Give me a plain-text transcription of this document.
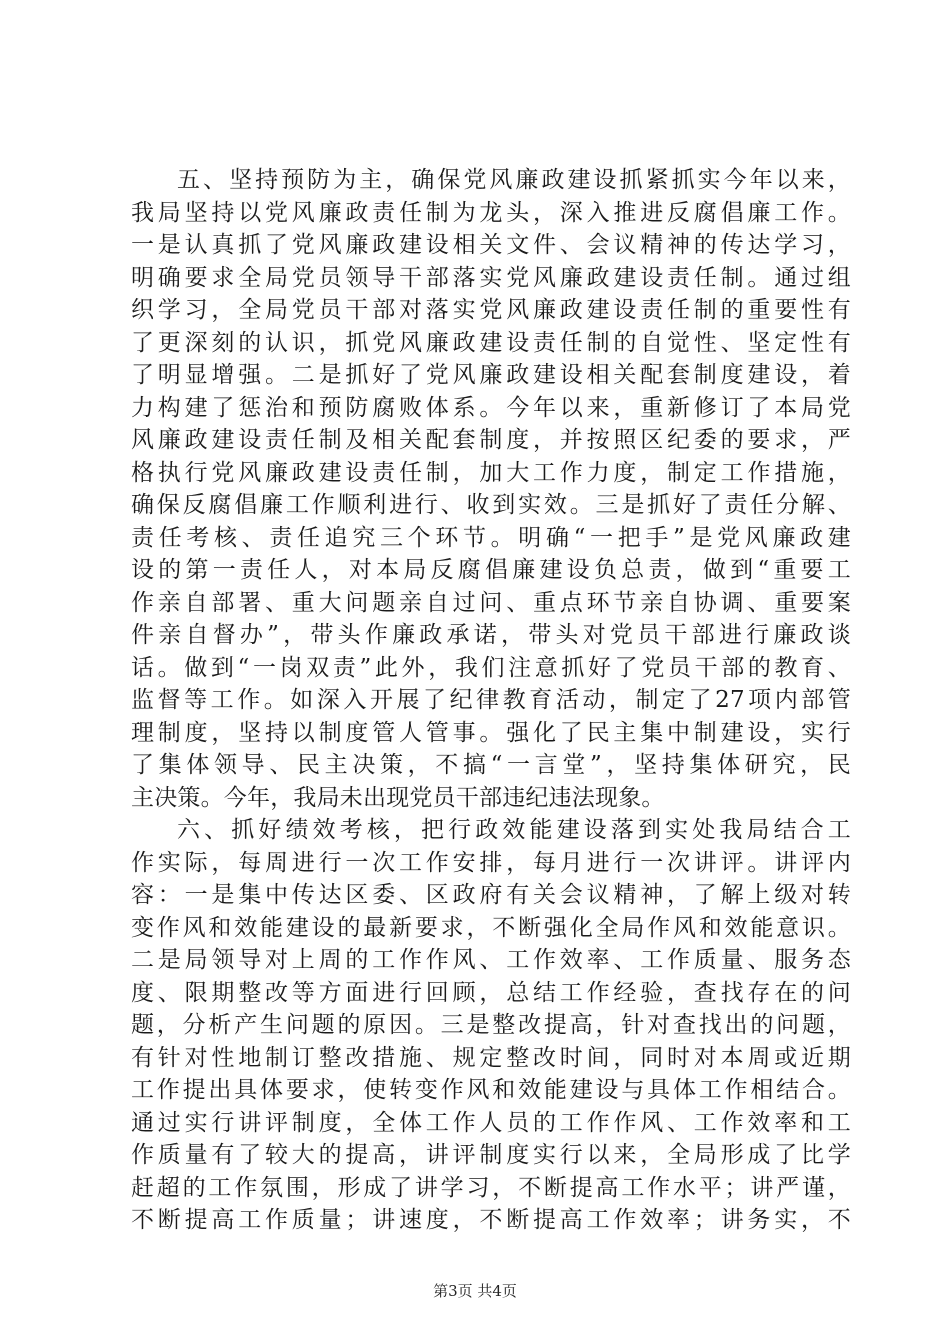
五、坚持预防为主，确保党风廉政建设抓紧抓实今年以来，
我局坚持以党风廉政责任制为龙头，深入推进反腐倡廉工作。
一是认真抓了党风廉政建设相关文件、会议精神的传达学习，
明确要求全局党员领导干部落实党风廉政建设责任制。通过组
织学习，全局党员干部对落实党风廉政建设责任制的重要性有
了更深刻的认识，抓党风廉政建设责任制的自觉性、坚定性有
了明显增强。二是抓好了党风廉政建设相关配套制度建设，着
力构建了惩治和预防腐败体系。今年以来，重新修订了本局党
风廉政建设责任制及相关配套制度，并按照区纪委的要求，严
格执行党风廉政建设责任制，加大工作力度，制定工作措施，
确保反腐倡廉工作顺利进行、收到实效。三是抓好了责任分解、
责任考核、责任追究三个环节。明确“一把手”是党风廉政建
设的第一责任人，对本局反腐倡廉建设负总责，做到“重要工
作亲自部署、重大问题亲自过问、重点环节亲自协调、重要案
件亲自督办”，带头作廉政承诺，带头对党员干部进行廉政谈
话。做到“一岗双责”此外，我们注意抓好了党员干部的教育、
监督等工作。如深入开展了纪律教育活动，制定了27项内部管
理制度，坚持以制度管人管事。强化了民主集中制建设，实行
了集体领导、民主决策，不搞“一言堂”，坚持集体研究，民
主决策。今年，我局未出现党员干部违纪违法现象。
六、抓好绩效考核，把行政效能建设落到实处我局结合工
作实际，每周进行一次工作安排，每月进行一次讲评。讲评内
容：一是集中传达区委、区政府有关会议精神，了解上级对转
变作风和效能建设的最新要求，不断强化全局作风和效能意识。
二是局领导对上周的工作作风、工作效率、工作质量、服务态
度、限期整改等方面进行回顾，总结工作经验，查找存在的问
题，分析产生问题的原因。三是整改提高，针对查找出的问题，
有针对性地制订整改措施、规定整改时间，同时对本周或近期
工作提出具体要求，使转变作风和效能建设与具体工作相结合。
通过实行讲评制度，全体工作人员的工作作风、工作效率和工
作质量有了较大的提高，讲评制度实行以来，全局形成了比学
赶超的工作氛围，形成了讲学习，不断提高工作水平；讲严谨，
不断提高工作质量；讲速度，不断提高工作效率；讲务实，不
第3页 共4页
